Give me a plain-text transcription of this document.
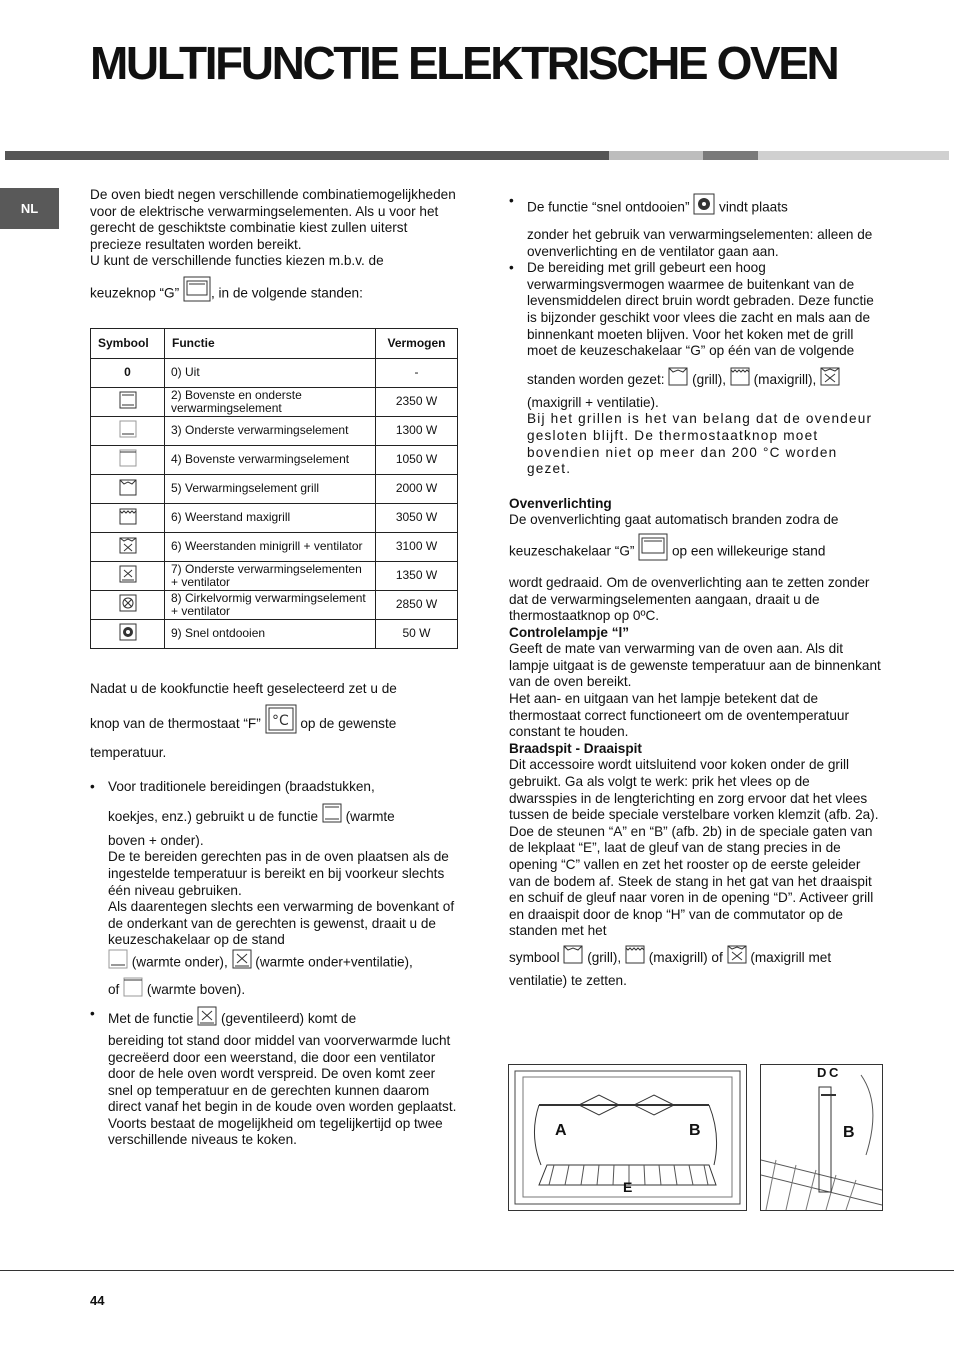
MULTIFUNCTIE ELEKTRISCHE OVEN
NL

De oven biedt negen verschillende combinatiemogelijkheden voor de elektrische verwarmingselementen. Als u voor het gerecht de geschiktste combinatie kiest zullen uiterst precieze resultaten worden bereikt.

U kunt de verschillende functies kiezen m.b.v. de

keuzeknop “G” , in de volgende standen:

Symbool	Functie	Vermogen
0	0) Uit	-
	2) Bovenste en onderste verwarmingselement	2350 W
	3) Onderste verwarmingselement	1300 W
	4) Bovenste verwarmingselement	1050 W
	5) Verwarmingselement grill	2000 W
	6) Weerstand maxigrill	3050 W
	6) Weerstanden minigrill + ventilator	3100 W
	7) Onderste verwarmingselementen + ventilator	1350 W
	8) Cirkelvormig verwarmingselement + ventilator	2850 W
	9) Snel ontdooien	50 W

Nadat u de kookfunctie heeft geselecteerd zet u de

knop van de thermostaat “F” °C op de gewenste

temperatuur.

• Voor traditionele bereidingen (braadstukken,

koekjes, enz.) gebruikt u de functie (warmte

boven + onder).

De te bereiden gerechten pas in de oven plaatsen als de ingestelde temperatuur is bereikt en bij voorkeur slechts één niveau gebruiken.

Als daarentegen slechts een verwarming de bovenkant of de onderkant van de gerechten is gewenst, draait u de keuzeschakelaar op de stand

(warmte onder), (warmte onder+ventilatie),

of (warmte boven).

• Met de functie (geventileerd) komt de

bereiding tot stand door middel van voorverwarmde lucht gecreëerd door een weerstand, die door een ventilator door de hele oven wordt verspreid. De oven komt zeer snel op temperatuur en de gerechten kunnen daarom direct vanaf het begin in de koude oven worden geplaatst. Voorts bestaat de mogelijkheid om tegelijkertijd op twee verschillende niveaus te koken.

• De functie “snel ontdooien” vindt plaats

zonder het gebruik van verwarmingselementen: alleen de ovenverlichting en de ventilator gaan aan.

• De bereiding met grill gebeurt een hoog verwarmingsvermogen waarmee de buitenkant van de levensmiddelen direct bruin wordt gebraden. Deze functie is bijzonder geschikt voor vlees die zacht en mals aan de binnenkant moeten blijven. Voor het koken met de grill moet de keuzeschakelaar “G” op één van de volgende

standen worden gezet: (grill), (maxigrill),

(maxigrill + ventilatie).

Bij het grillen is het van belang dat de ovendeur gesloten blijft. De thermostaatknop moet bovendien niet op meer dan 200 °C worden gezet.

Ovenverlichting

De ovenverlichting gaat automatisch branden zodra de

keuzeschakelaar “G”	op een willekeurige stand

wordt gedraaid. Om de ovenverlichting aan te zetten zonder dat de verwarmingselementen aangaan, draait u de thermostaatknop op 0ºC.

Controlelampje “l”

Geeft de mate van verwarming van de oven aan. Als dit lampje uitgaat is de gewenste temperatuur aan de binnenkant van de oven bereikt.

Het aan- en uitgaan van het lampje betekent dat de thermostaat correct functioneert om de oventemperatuur constant te houden.

Braadspit - Draaispit

Dit accessoire wordt uitsluitend voor koken onder de grill gebruikt. Ga als volgt te werk: prik het vlees op de dwarsspies in de lengterichting en zorg ervoor dat het vlees tussen de beide speciale verstelbare vorken klemzit (afb. 2a).

Doe de steunen “A” en “B” (afb. 2b) in de speciale gaten van de lekplaat “E”, laat de gleuf van de stang precies in de opening “C” vallen en zet het rooster op de eerste geleider van de bodem af. Steek de stang in het gat van het draaispit en schuif de gleuf naar voren in de opening “D”. Activeer grill en draaispit door de knop “H” van de commutator op de standen met het

symbool (grill), (maxigrill) of (maxigrill met

ventilatie) te zetten.

A	B
E
D C
B
44
